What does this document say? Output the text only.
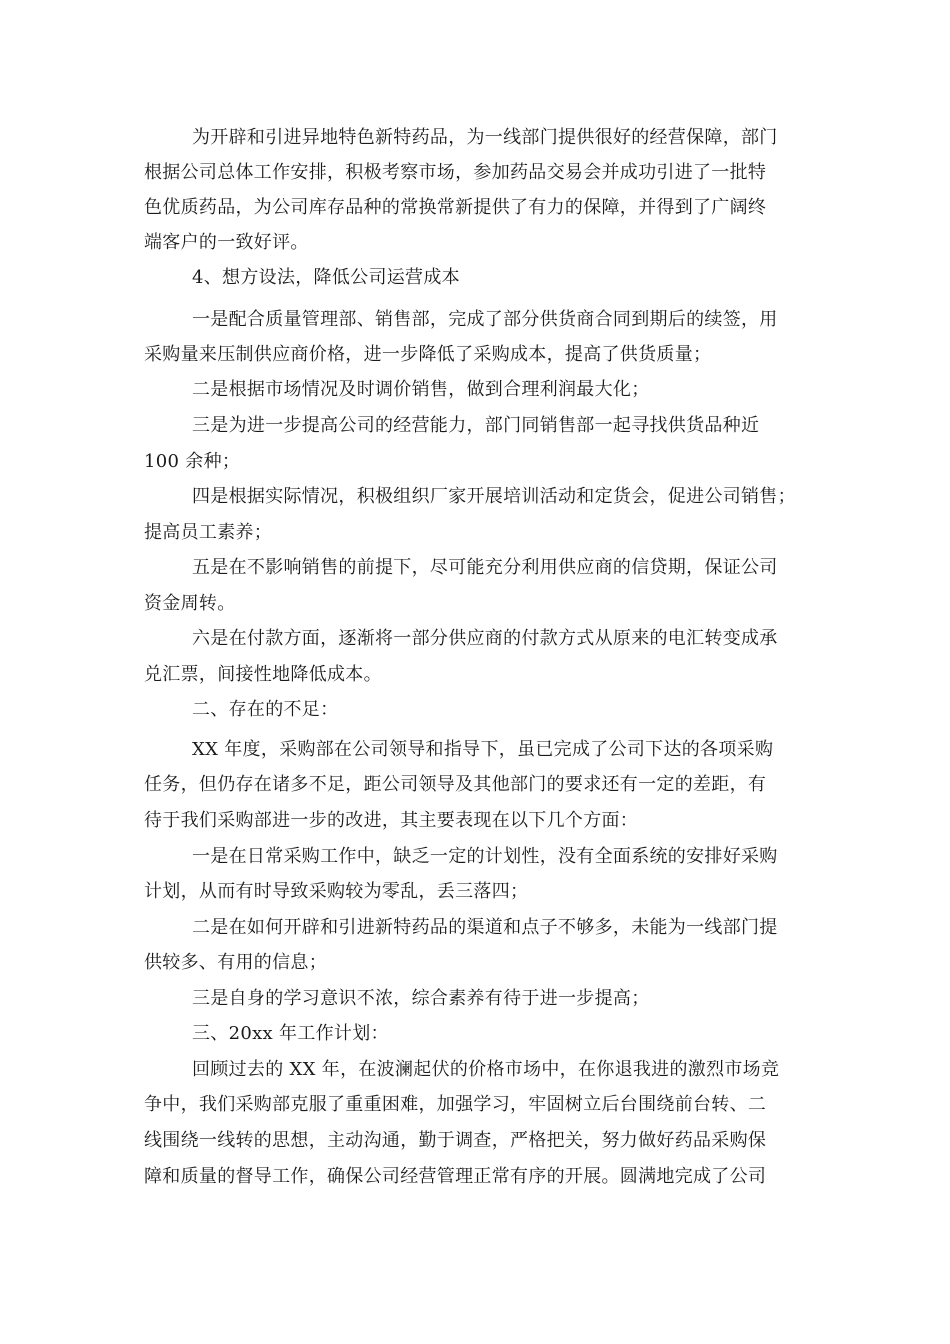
为开辟和引进异地特色新特药品，为一线部门提供很好的经营保障，部门
根据公司总体工作安排，积极考察市场，参加药品交易会并成功引进了一批特
色优质药品，为公司库存品种的常换常新提供了有力的保障，并得到了广阔终
端客户的一致好评。
4、想方设法，降低公司运营成本
一是配合质量管理部、销售部，完成了部分供货商合同到期后的续签，用
采购量来压制供应商价格，进一步降低了采购成本，提高了供货质量；
二是根据市场情况及时调价销售，做到合理利润最大化；
三是为进一步提高公司的经营能力，部门同销售部一起寻找供货品种近
100 余种；
四是根据实际情况，积极组织厂家开展培训活动和定货会，促进公司销售；
提高员工素养；
五是在不影响销售的前提下，尽可能充分利用供应商的信贷期，保证公司
资金周转。
六是在付款方面，逐渐将一部分供应商的付款方式从原来的电汇转变成承
兑汇票，间接性地降低成本。
二、存在的不足：
XX 年度，采购部在公司领导和指导下，虽已完成了公司下达的各项采购
任务，但仍存在诸多不足，距公司领导及其他部门的要求还有一定的差距，有
待于我们采购部进一步的改进，其主要表现在以下几个方面：
一是在日常采购工作中，缺乏一定的计划性，没有全面系统的安排好采购
计划，从而有时导致采购较为零乱，丢三落四；
二是在如何开辟和引进新特药品的渠道和点子不够多，未能为一线部门提
供较多、有用的信息；
三是自身的学习意识不浓，综合素养有待于进一步提高；
三、20xx 年工作计划：
回顾过去的 XX 年，在波澜起伏的价格市场中，在你退我进的激烈市场竞
争中，我们采购部克服了重重困难，加强学习，牢固树立后台围绕前台转、二
线围绕一线转的思想，主动沟通，勤于调查，严格把关，努力做好药品采购保
障和质量的督导工作，确保公司经营管理正常有序的开展。圆满地完成了公司
